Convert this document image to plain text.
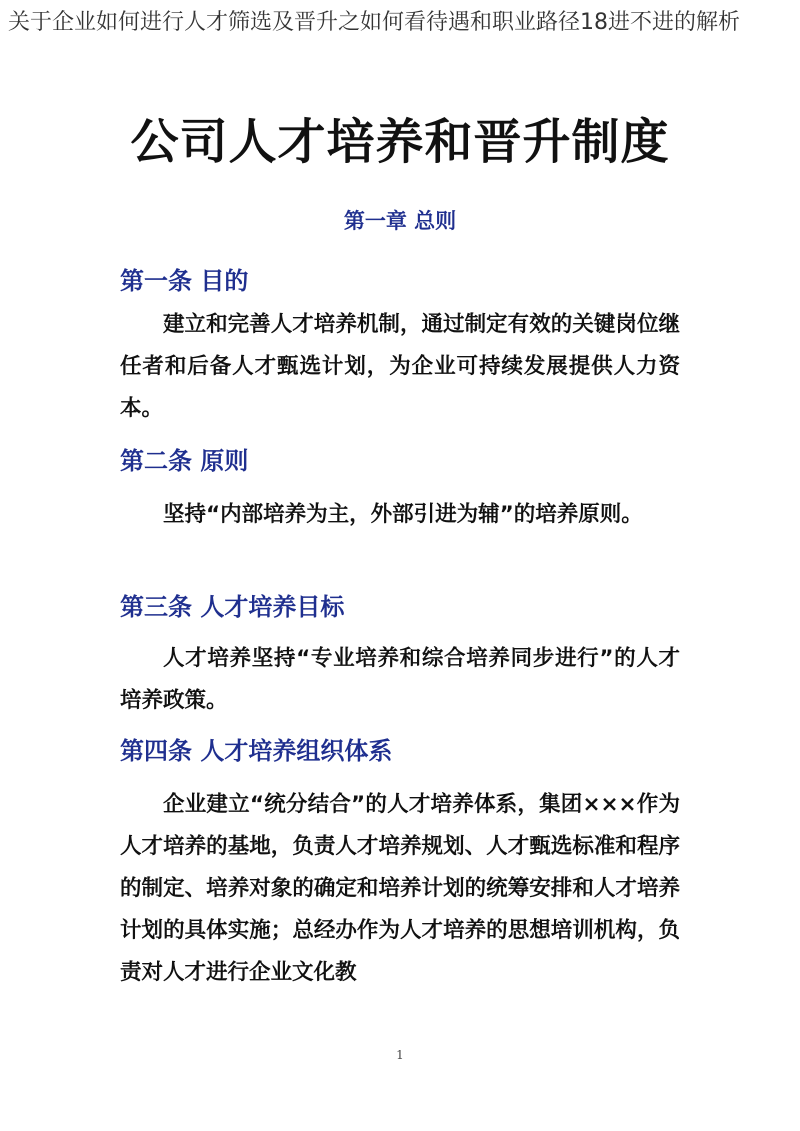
关于企业如何进行人才筛选及晋升之如何看待遇和职业路径18进不进的解析
公司人才培养和晋升制度
第一章 总则
第一条 目的
建立和完善人才培养机制，通过制定有效的关键岗位继任者和后备人才甄选计划，为企业可持续发展提供人力资本。
第二条 原则
坚持“内部培养为主，外部引进为辅”的培养原则。
第三条 人才培养目标
人才培养坚持“专业培养和综合培养同步进行”的人才培养政策。
第四条 人才培养组织体系
企业建立“统分结合”的人才培养体系，集团×××作为人才培养的基地，负责人才培养规划、人才甄选标准和程序的制定、培养对象的确定和培养计划的统筹安排和人才培养计划的具体实施；总经办作为人才培养的思想培训机构，负责对人才进行企业文化教
1
